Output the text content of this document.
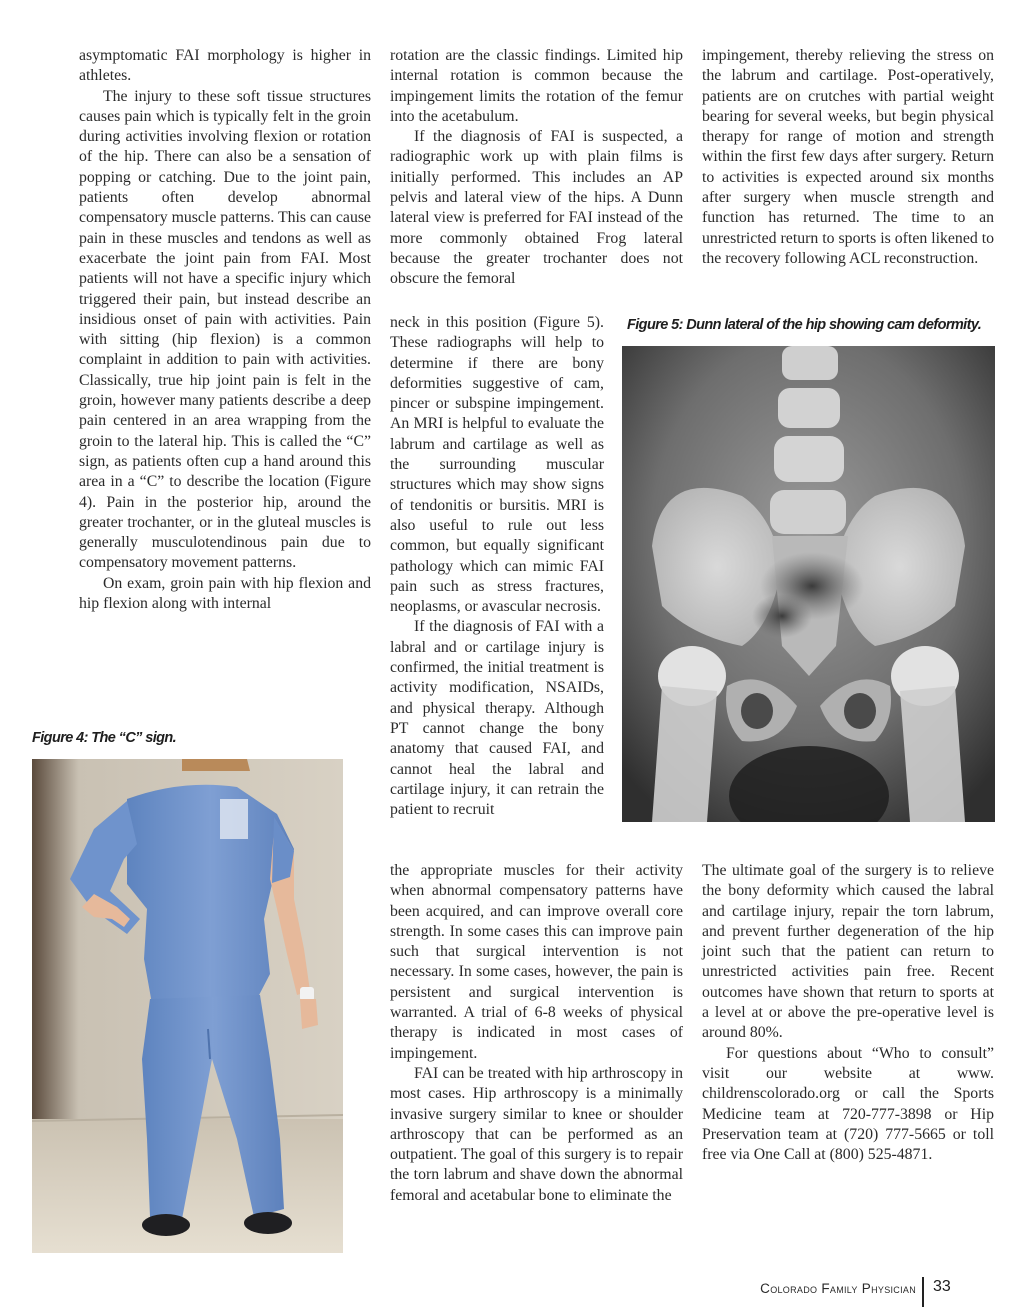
asymptomatic FAI morphology is higher in athletes.

The injury to these soft tissue structures causes pain which is typically felt in the groin during activities involving flexion or rotation of the hip. There can also be a sensation of popping or catching. Due to the joint pain, patients often develop abnormal compensatory muscle patterns. This can cause pain in these muscles and tendons as well as exacerbate the joint pain from FAI. Most patients will not have a specific injury which triggered their pain, but instead describe an insidious onset of pain with activities. Pain with sitting (hip flexion) is a common complaint in addition to pain with activities. Classically, true hip joint pain is felt in the groin, however many patients describe a deep pain centered in an area wrapping from the groin to the lateral hip. This is called the “C” sign, as patients often cup a hand around this area in a “C” to describe the location (Figure 4). Pain in the posterior hip, around the greater trochanter, or in the gluteal muscles is generally musculotendinous pain due to compensatory movement patterns.

On exam, groin pain with hip flexion and hip flexion along with internal

rotation are the classic findings. Limited hip internal rotation is common because the impingement limits the rotation of the femur into the acetabulum.

If the diagnosis of FAI is suspected, a radiographic work up with plain films is initially performed. This includes an AP pelvis and lateral view of the hips. A Dunn lateral view is preferred for FAI instead of the more commonly obtained Frog lateral because the greater trochanter does not obscure the femoral

neck in this position (Figure 5). These radiographs will help to determine if there are bony deformities suggestive of cam, pincer or subspine impingement. An MRI is helpful to evaluate the labrum and cartilage as well as the surrounding muscular structures which may show signs of tendonitis or bursitis. MRI is also useful to rule out less common, but equally significant pathology which can mimic FAI pain such as stress fractures, neoplasms, or avascular necrosis.

If the diagnosis of FAI with a labral and or cartilage injury is confirmed, the initial treatment is activity modification, NSAIDs, and physical therapy. Although PT cannot change the bony anatomy that caused FAI, and cannot heal the labral and cartilage injury, it can retrain the patient to recruit

the appropriate muscles for their activity when abnormal compensatory patterns have been acquired, and can improve overall core strength. In some cases this can improve pain such that surgical intervention is not necessary. In some cases, however, the pain is persistent and surgical intervention is warranted. A trial of 6-8 weeks of physical therapy is indicated in most cases of impingement.

FAI can be treated with hip arthroscopy in most cases. Hip arthroscopy is a minimally invasive surgery similar to knee or shoulder arthroscopy that can be performed as an outpatient. The goal of this surgery is to repair the torn labrum and shave down the abnormal femoral and acetabular bone to eliminate the

impingement, thereby relieving the stress on the labrum and cartilage. Post-operatively, patients are on crutches with partial weight bearing for several weeks, but begin physical therapy for range of motion and strength within the first few days after surgery. Return to activities is expected around six months after surgery when muscle strength and function has returned. The time to an unrestricted return to sports is often likened to the recovery following ACL reconstruction.

The ultimate goal of the surgery is to relieve the bony deformity which caused the labral and cartilage injury, repair the torn labrum, and prevent further degeneration of the hip joint such that the patient can return to unrestricted activities pain free. Recent outcomes have shown that return to sports at a level at or above the pre-operative level is around 80%.

For questions about “Who to consult” visit our website at www. childrenscolorado.org or call the Sports Medicine team at 720-777-3898 or Hip Preservation team at (720) 777-5665 or toll free via One Call at (800) 525-4871.

Figure 4: The “C” sign.
Figure 5: Dunn lateral of the hip showing cam deformity.
Colorado Family Physician 33
